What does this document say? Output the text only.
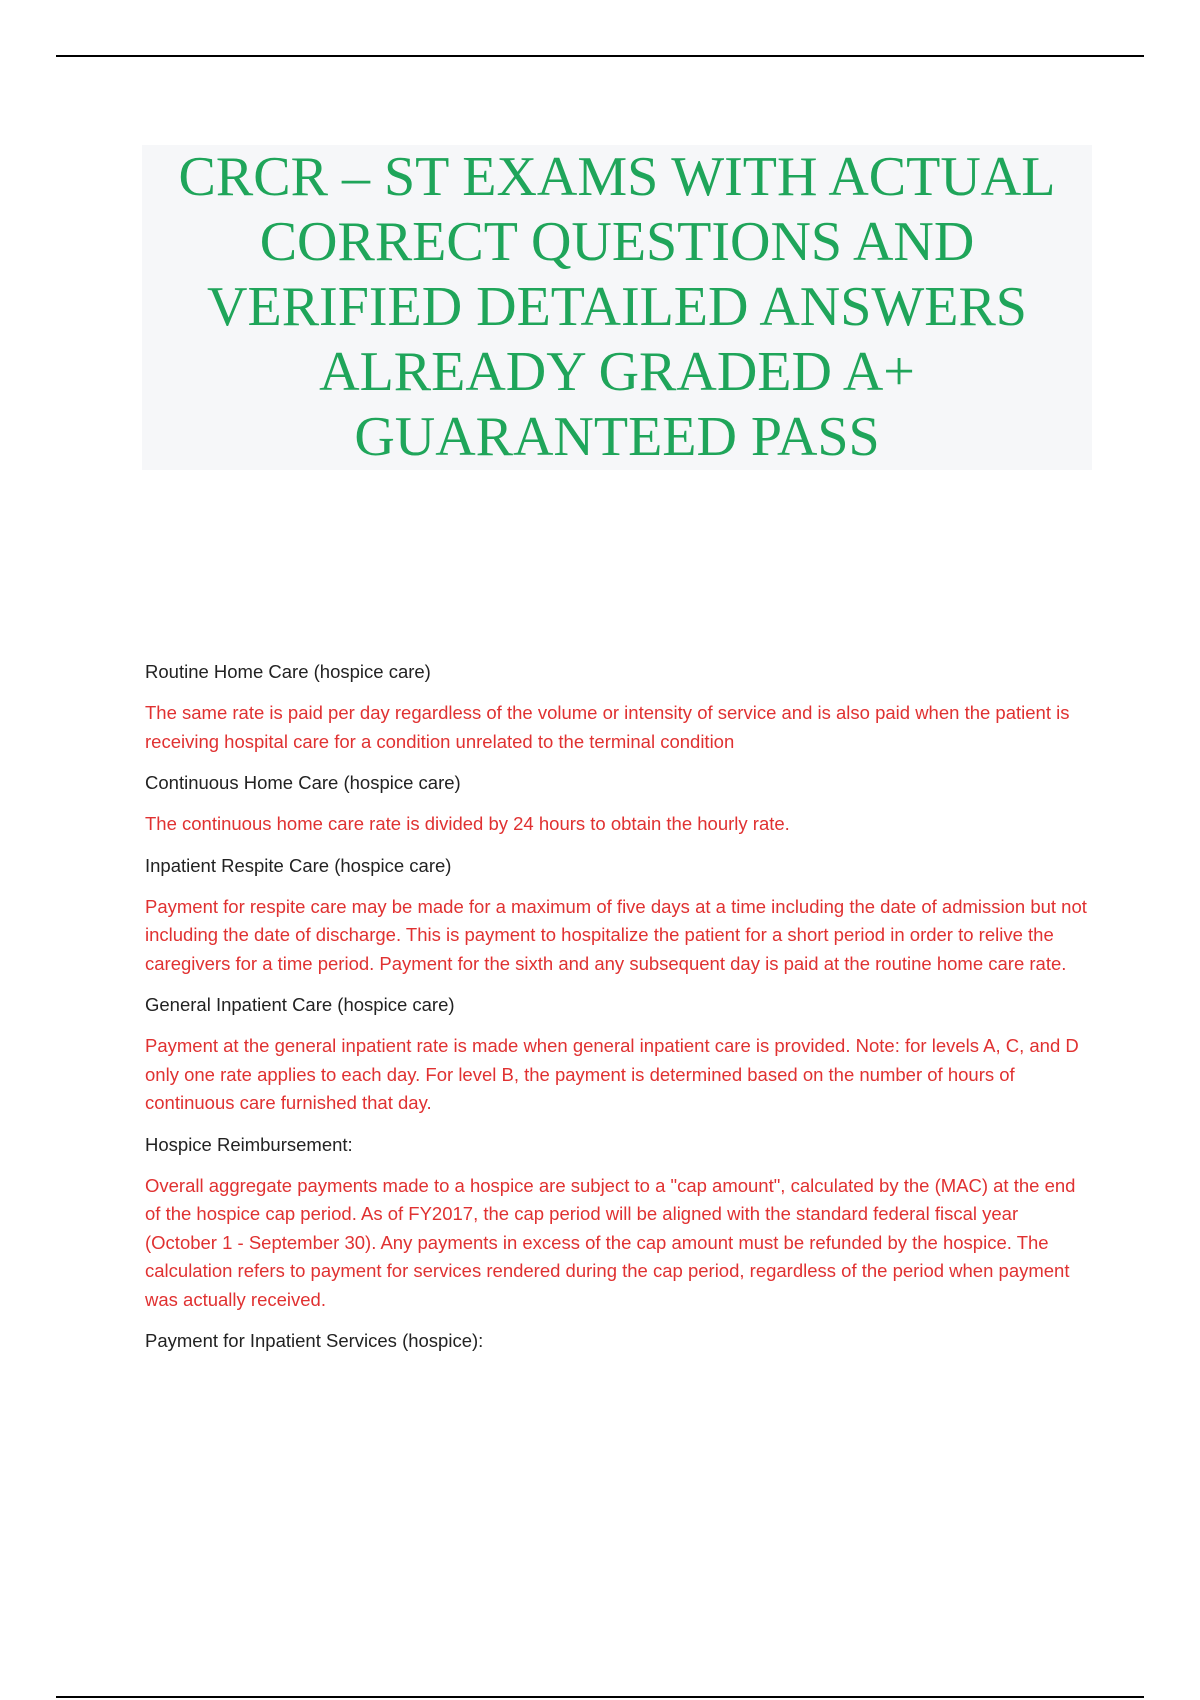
CRCR – ST EXAMS WITH ACTUAL CORRECT QUESTIONS AND VERIFIED DETAILED ANSWERS ALREADY GRADED A+ GUARANTEED PASS

Routine Home Care (hospice care)

The same rate is paid per day regardless of the volume or intensity of service and is also paid when the patient is receiving hospital care for a condition unrelated to the terminal condition

Continuous Home Care (hospice care)

The continuous home care rate is divided by 24 hours to obtain the hourly rate.

Inpatient Respite Care (hospice care)

Payment for respite care may be made for a maximum of five days at a time including the date of admission but not including the date of discharge. This is payment to hospitalize the patient for a short period in order to relive the caregivers for a time period. Payment for the sixth and any subsequent day is paid at the routine home care rate.

General Inpatient Care (hospice care)

Payment at the general inpatient rate is made when general inpatient care is provided. Note: for levels A, C, and D only one rate applies to each day. For level B, the payment is determined based on the number of hours of continuous care furnished that day.

Hospice Reimbursement:

Overall aggregate payments made to a hospice are subject to a "cap amount", calculated by the (MAC) at the end of the hospice cap period. As of FY2017, the cap period will be aligned with the standard federal fiscal year (October 1 - September 30). Any payments in excess of the cap amount must be refunded by the hospice. The calculation refers to payment for services rendered during the cap period, regardless of the period when payment was actually received.

Payment for Inpatient Services (hospice):
